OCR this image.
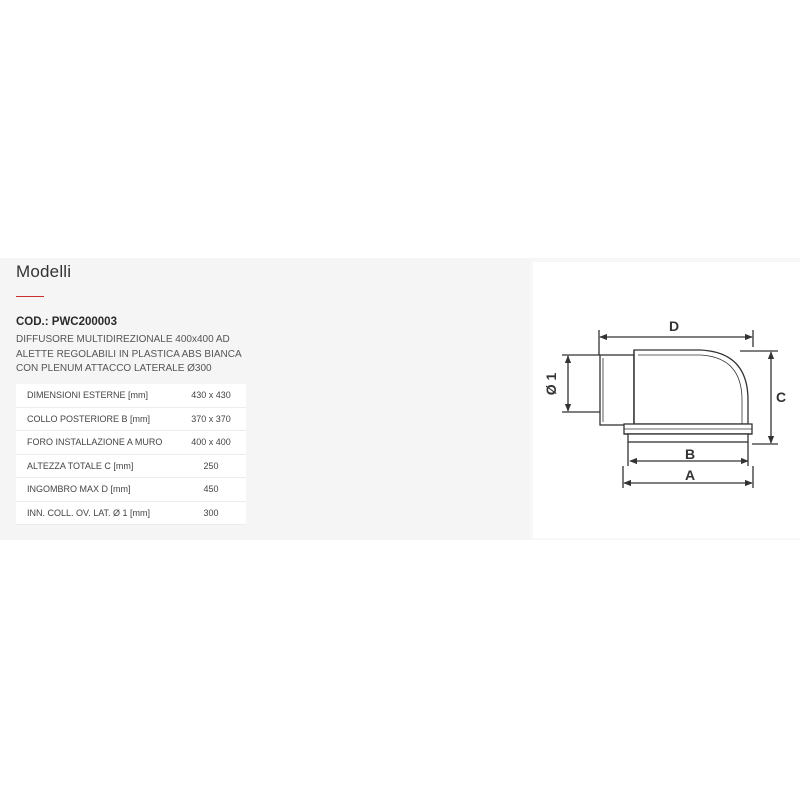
Modelli
COD.: PWC200003
DIFFUSORE MULTIDIREZIONALE 400x400 AD
ALETTE REGOLABILI IN PLASTICA ABS BIANCA
CON PLENUM ATTACCO LATERALE Ø300
DIMENSIONI ESTERNE [mm]	430 x 430
COLLO POSTERIORE B [mm]	370 x 370
FORO INSTALLAZIONE A MURO	400 x 400
ALTEZZA TOTALE C [mm]	250
INGOMBRO MAX D [mm]	450
INN. COLL. OV. LAT. Ø 1 [mm]	300
D
C
B
A
Ø 1
